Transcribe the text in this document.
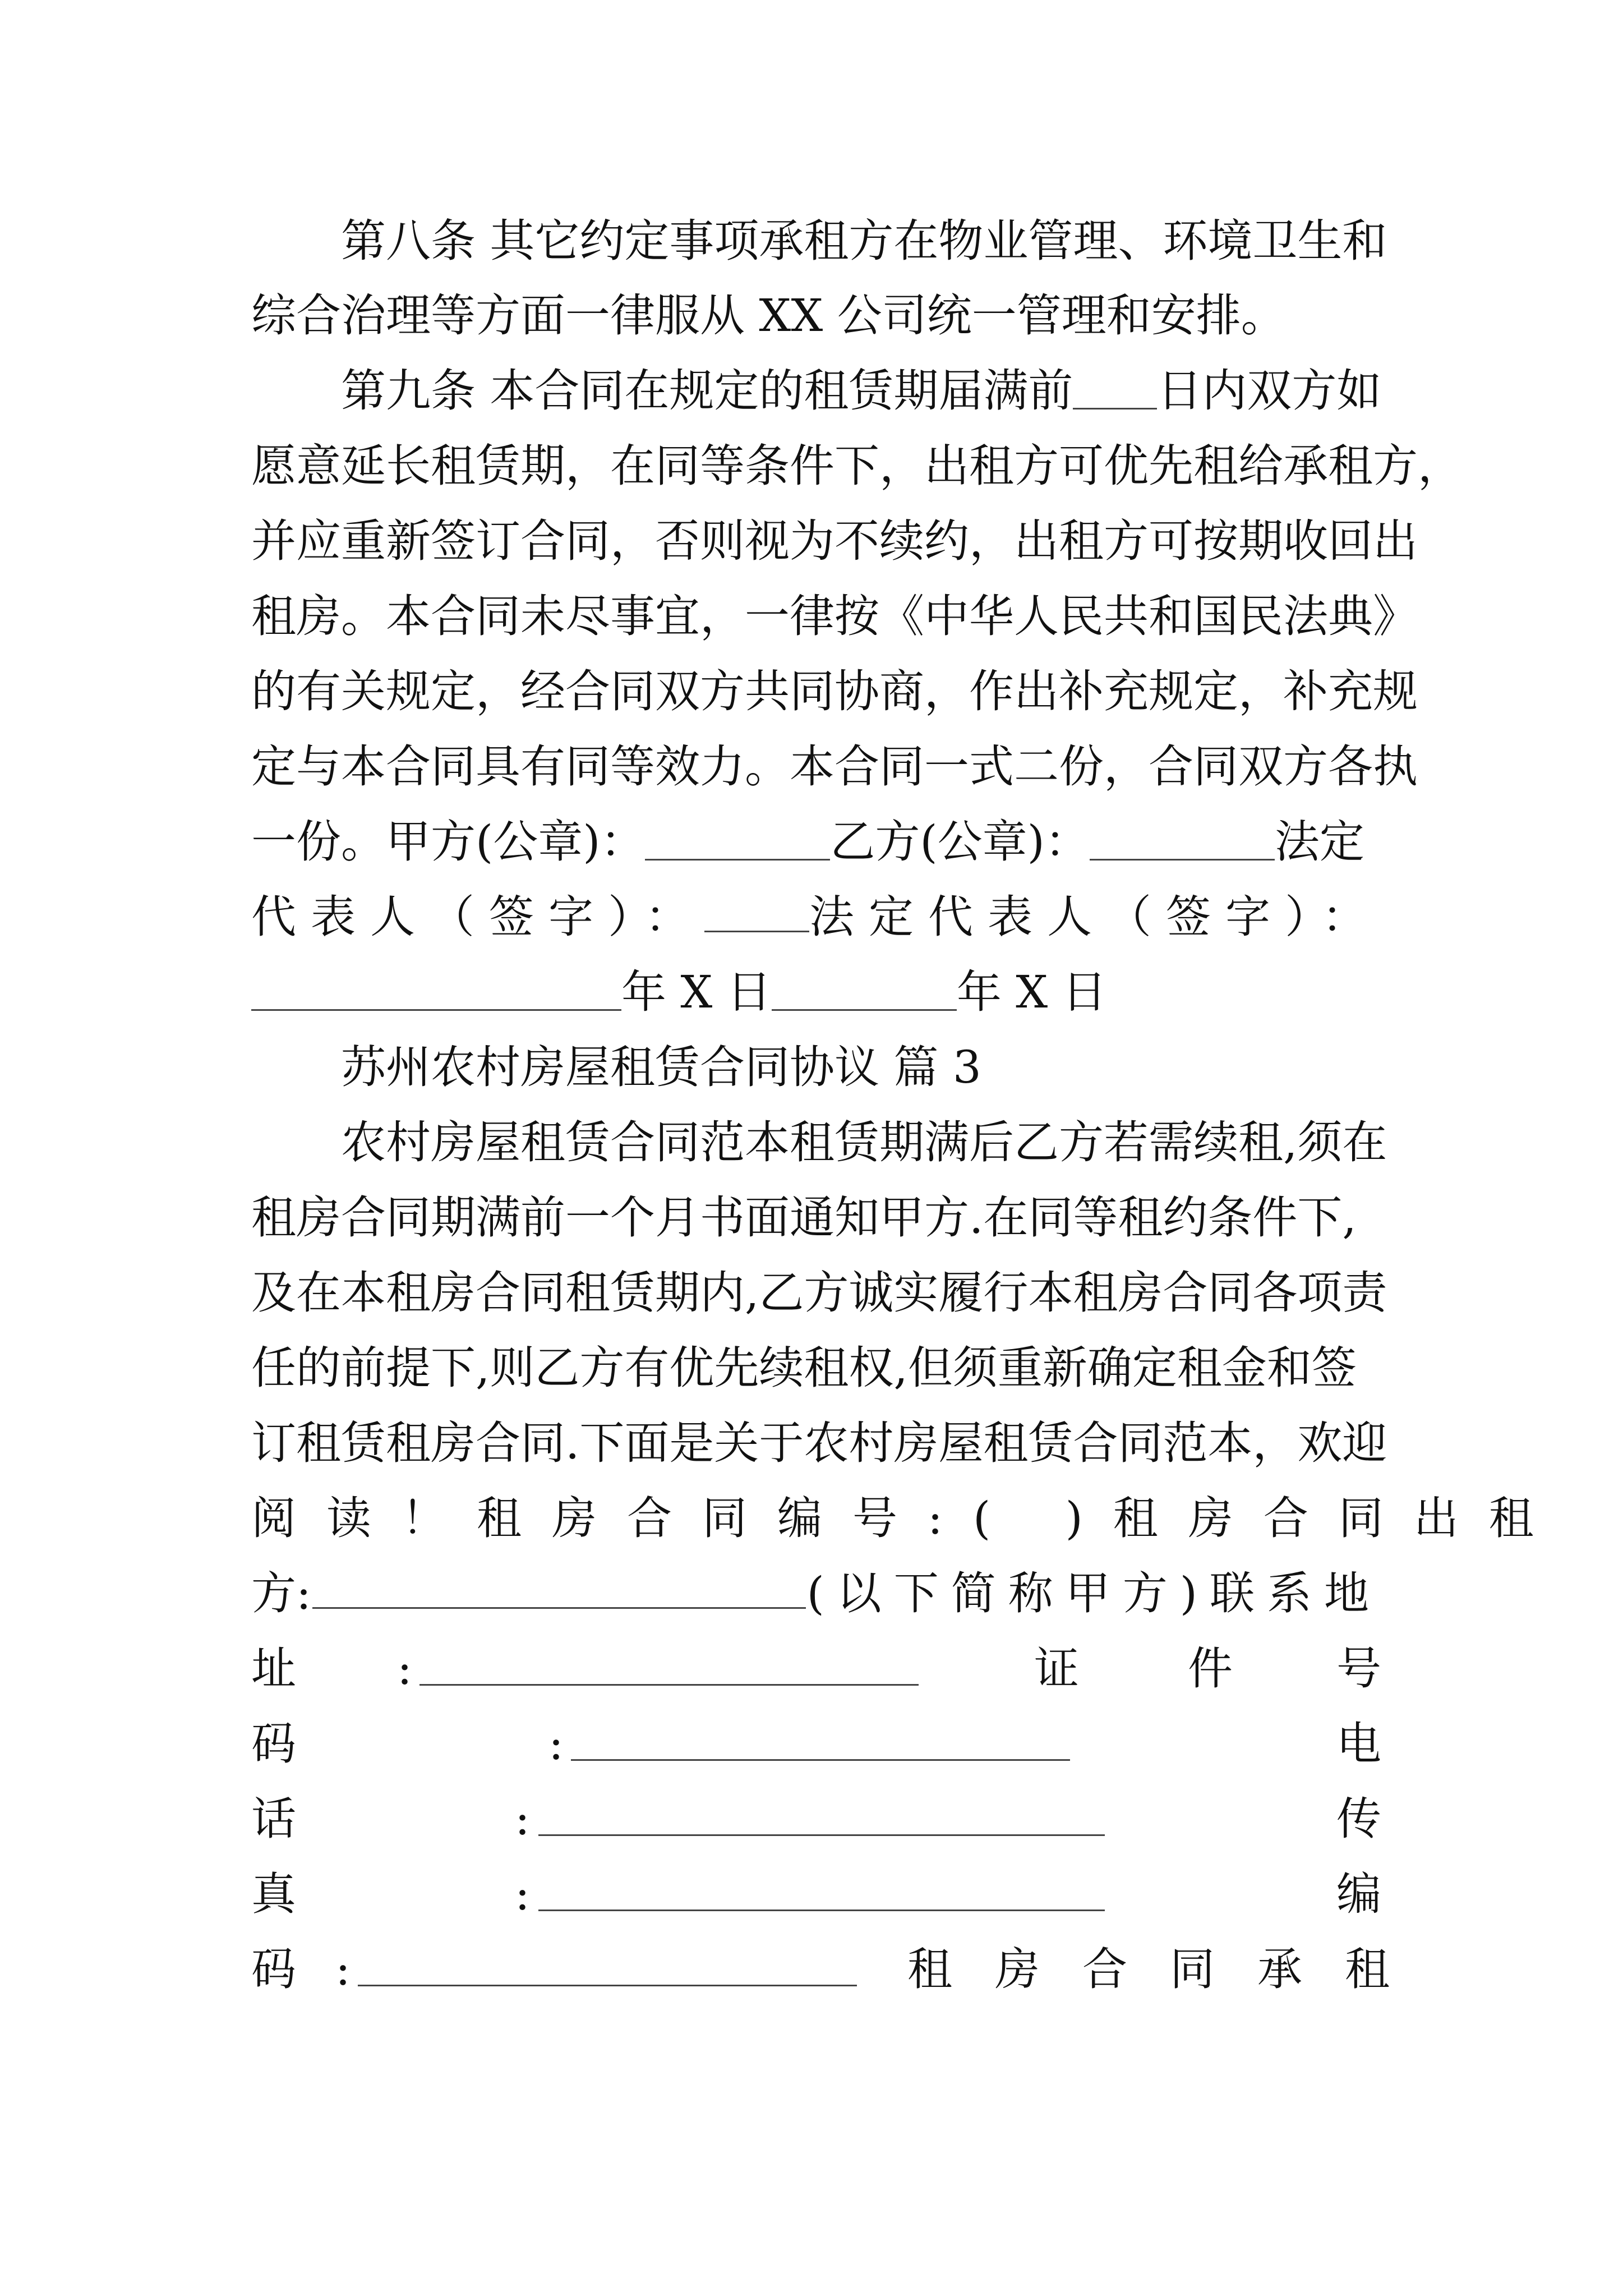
第八条 其它约定事项承租方在物业管理、环境卫生和
综合治理等方面一律服从 XX 公司统一管理和安排。
第九条 本合同在规定的租赁期届满前 日内双方如
愿意延长租赁期，在同等条件下，出租方可优先租给承租方，
并应重新签订合同，否则视为不续约，出租方可按期收回出
租房。本合同未尽事宜，一律按《中华人民共和国民法典》
的有关规定，经合同双方共同协商，作出补充规定，补充规
定与本合同具有同等效力。本合同一式二份，合同双方各执
一份。甲方(公章)：	乙方(公章)：	法定
代表人（签字）： 法定代表人（签字）：
年 X 日	年 X 日
苏州农村房屋租赁合同协议 篇 3
农村房屋租赁合同范本租赁期满后乙方若需续租,须在
租房合同期满前一个月书面通知甲方.在同等租约条件下,
及在本租房合同租赁期内,乙方诚实履行本租房合同各项责
任的前提下,则乙方有优先续租权,但须重新确定租金和签
订租赁租房合同.下面是关于农村房屋租赁合同范本，欢迎
阅读！租房合同编号:( )租房合同出租
方:	(以下简称甲方)联系地
址 :	证 件 号
码	:	电
话	:	传
真	:	编
码 :	租房合同承租
